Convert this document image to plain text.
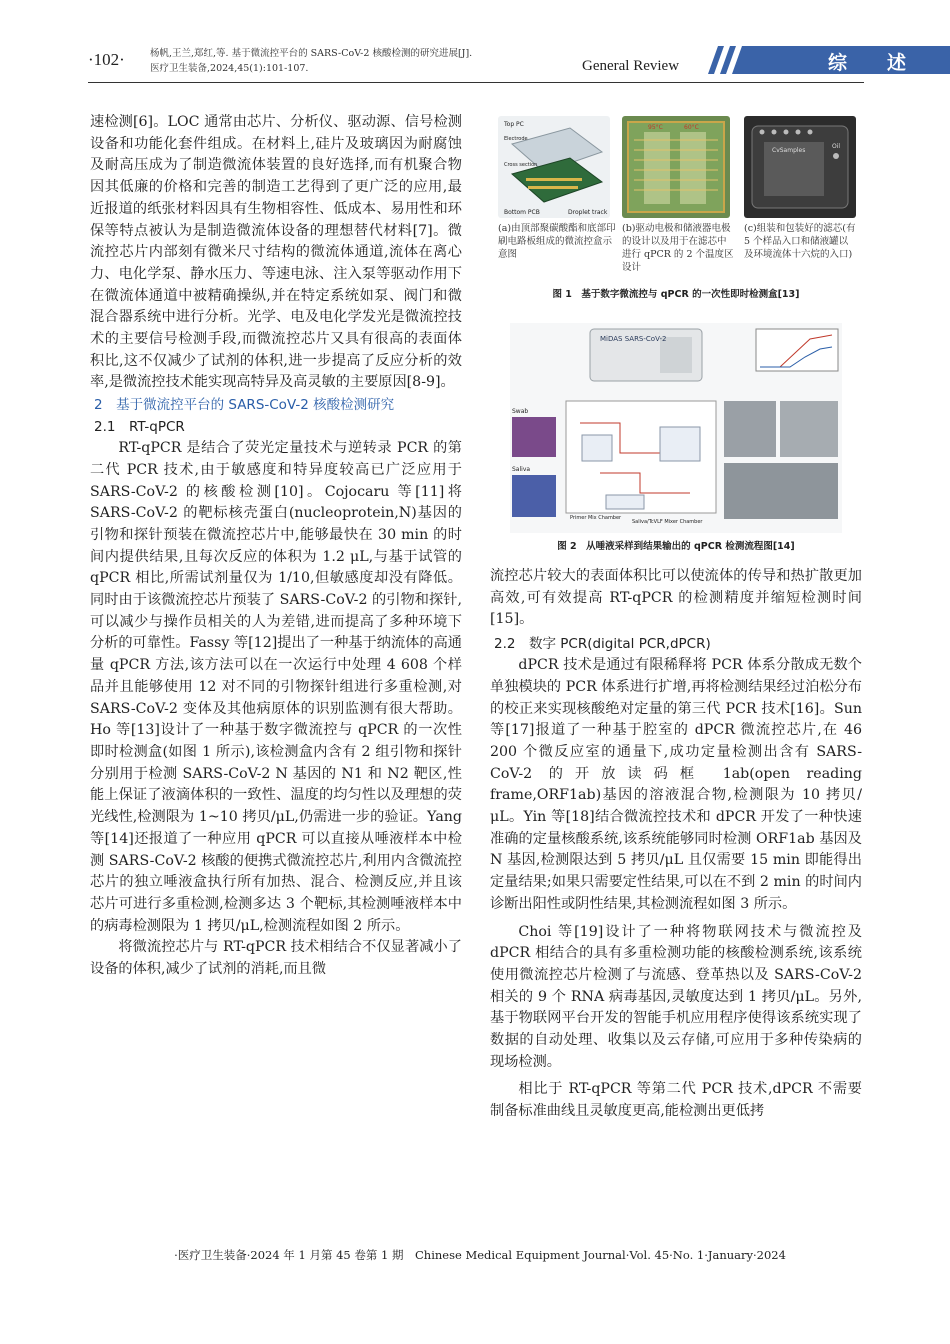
·102·	杨帆,王兰,郑红,等. 基于微流控平台的 SARS-CoV-2 核酸检测的研究进展[J].
医疗卫生装备,2024,45(1):101-107.	General Review	综述

速检测[6]。LOC 通常由芯片、分析仪、驱动源、信号检测设备和功能化套件组成。在材料上,硅片及玻璃因为耐腐蚀及耐高压成为了制造微流体装置的良好选择,而有机聚合物因其低廉的价格和完善的制造工艺得到了更广泛的应用,最近报道的纸张材料因具有生物相容性、低成本、易用性和环保等特点被认为是制造微流体设备的理想替代材料[7]。微流控芯片内部刻有微米尺寸结构的微流体通道,流体在离心力、电化学泵、静水压力、等速电泳、注入泵等驱动作用下在微流体通道中被精确操纵,并在特定系统如泵、阀门和微混合器系统中进行分析。光学、电及电化学发光是微流控技术的主要信号检测手段,而微流控芯片又具有很高的表面体积比,这不仅减少了试剂的体积,进一步提高了反应分析的效率,是微流控技术能实现高特异及高灵敏的主要原因[8-9]。

2　基于微流控平台的 SARS-CoV-2 核酸检测研究
2.1　RT-qPCR

RT-qPCR 是结合了荧光定量技术与逆转录 PCR 的第二代 PCR 技术,由于敏感度和特异度较高已广泛应用于 SARS-CoV-2 的核酸检测[10]。Cojocaru 等[11]将SARS-CoV-2 的靶标核壳蛋白(nucleoprotein,N)基因的引物和探针预装在微流控芯片中,能够最快在 30 min 的时间内提供结果,且每次反应的体积为 1.2 μL,与基于试管的 qPCR 相比,所需试剂量仅为 1/10,但敏感度却没有降低。同时由于该微流控芯片预装了 SARS-CoV-2 的引物和探针,可以减少与操作员相关的人为差错,进而提高了多种环境下分析的可靠性。Fassy 等[12]提出了一种基于纳流体的高通量 qPCR 方法,该方法可以在一次运行中处理 4 608 个样品并且能够使用 12 对不同的引物探针组进行多重检测,对 SARS-CoV-2 变体及其他病原体的识别监测有很大帮助。Ho 等[13]设计了一种基于数字微流控与 qPCR 的一次性即时检测盒(如图 1 所示),该检测盒内含有 2 组引物和探针分别用于检测 SARS-CoV-2 N 基因的 N1 和 N2 靶区,性能上保证了液滴体积的一致性、温度的均匀性以及理想的荧光线性,检测限为 1~10 拷贝/μL,仍需进一步的验证。Yang 等[14]还报道了一种应用 qPCR 可以直接从唾液样本中检测 SARS-CoV-2 核酸的便携式微流控芯片,利用内含微流控芯片的独立唾液盒执行所有加热、混合、检测反应,并且该芯片可进行多重检测,检测多达 3 个靶标,其检测唾液样本中的病毒检测限为 1 拷贝/μL,检测流程如图 2 所示。

将微流控芯片与 RT-qPCR 技术相结合不仅显著减小了设备的体积,减少了试剂的消耗,而且微

Top PC
Electrode
Cross section
Bottom PCB	Droplet track
95°C	60°C
CvSamples
Oil
(a)由顶部聚碳酸酯和底部印刷电路板组成的微流控盒示意图
(b)驱动电极和储液器电极的设计以及用于在滤芯中进行 qPCR 的 2 个温度区设计
(c)组装和包装好的滤芯(有 5 个样品入口和储液罐以及环境流体十六烷的入口)
图 1　基于数字微流控与 qPCR 的一次性即时检测盒[13]
MiDAS SARS-CoV-2
Swab
Saliva
Primer Mix Chamber
Saliva/TcVLF Mixer Chamber
图 2　从唾液采样到结果输出的 qPCR 检测流程图[14]

流控芯片较大的表面体积比可以使流体的传导和热扩散更加高效,可有效提高 RT-qPCR 的检测精度并缩短检测时间[15]。

2.2　数字 PCR(digital PCR,dPCR)

dPCR 技术是通过有限稀释将 PCR 体系分散成无数个单独模块的 PCR 体系进行扩增,再将检测结果经过泊松分布的校正来实现核酸绝对定量的第三代 PCR 技术[16]。Sun 等[17]报道了一种基于腔室的 dPCR 微流控芯片,在 46 200 个微反应室的通量下,成功定量检测出含有 SARS-CoV-2 的开放读码框 1ab(open reading frame,ORF1ab)基因的溶液混合物,检测限为 10 拷贝/μL。Yin 等[18]结合微流控技术和 dPCR 开发了一种快速准确的定量核酸系统,该系统能够同时检测 ORF1ab 基因及 N 基因,检测限达到 5 拷贝/μL 且仅需要 15 min 即能得出定量结果;如果只需要定性结果,可以在不到 2 min 的时间内诊断出阳性或阴性结果,其检测流程如图 3 所示。

Choi 等[19]设计了一种将物联网技术与微流控及 dPCR 相结合的具有多重检测功能的核酸检测系统,该系统使用微流控芯片检测了与流感、登革热以及 SARS-CoV-2 相关的 9 个 RNA 病毒基因,灵敏度达到 1 拷贝/μL。另外,基于物联网平台开发的智能手机应用程序使得该系统实现了数据的自动处理、收集以及云存储,可应用于多种传染病的现场检测。

相比于 RT-qPCR 等第二代 PCR 技术,dPCR 不需要制备标准曲线且灵敏度更高,能检测出更低拷

·医疗卫生装备·2024 年 1 月第 45 卷第 1 期　Chinese Medical Equipment Journal·Vol. 45·No. 1·January·2024
